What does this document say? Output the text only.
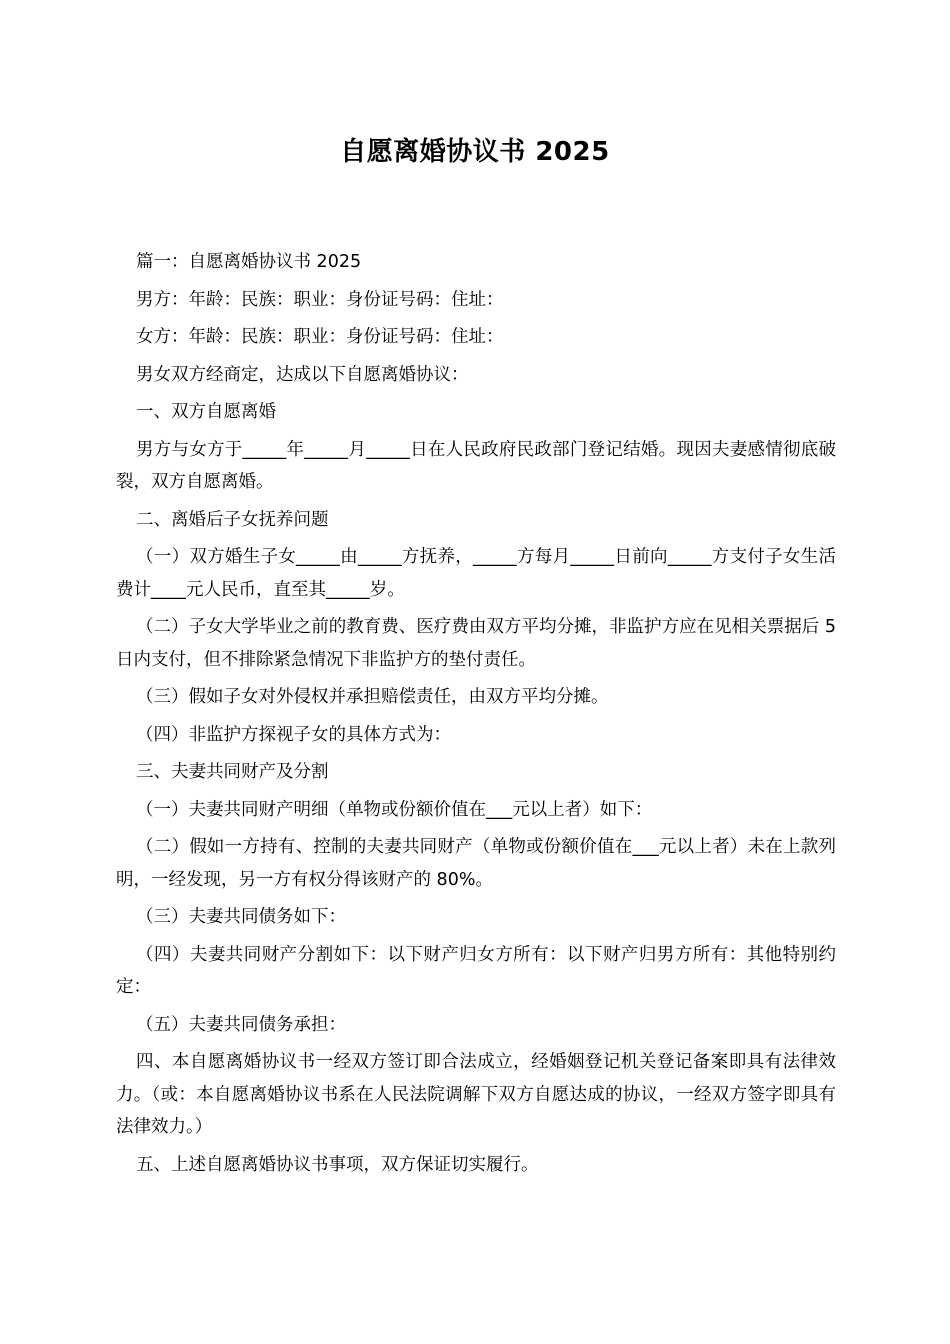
自愿离婚协议书 2025

篇一：自愿离婚协议书 2025

男方：年龄：民族：职业：身份证号码：住址：

女方：年龄：民族：职业：身份证号码：住址：

男女双方经商定，达成以下自愿离婚协议：

一、双方自愿离婚

男方与女方于_____年_____月_____日在人民政府民政部门登记结婚。现因夫妻感情彻底破裂，双方自愿离婚。

二、离婚后子女抚养问题

（一）双方婚生子女_____由_____方抚养，_____方每月_____日前向_____方支付子女生活费计____元人民币，直至其_____岁。

（二）子女大学毕业之前的教育费、医疗费由双方平均分摊，非监护方应在见相关票据后 5 日内支付，但不排除紧急情况下非监护方的垫付责任。

（三）假如子女对外侵权并承担赔偿责任，由双方平均分摊。

（四）非监护方探视子女的具体方式为：

三、夫妻共同财产及分割

（一）夫妻共同财产明细（单物或份额价值在___元以上者）如下：

（二）假如一方持有、控制的夫妻共同财产（单物或份额价值在___元以上者）未在上款列明，一经发现，另一方有权分得该财产的 80%。

（三）夫妻共同债务如下：

（四）夫妻共同财产分割如下：以下财产归女方所有：以下财产归男方所有：其他特别约定：

（五）夫妻共同债务承担：

四、本自愿离婚协议书一经双方签订即合法成立，经婚姻登记机关登记备案即具有法律效力。（或：本自愿离婚协议书系在人民法院调解下双方自愿达成的协议，一经双方签字即具有法律效力。）

五、上述自愿离婚协议书事项，双方保证切实履行。
